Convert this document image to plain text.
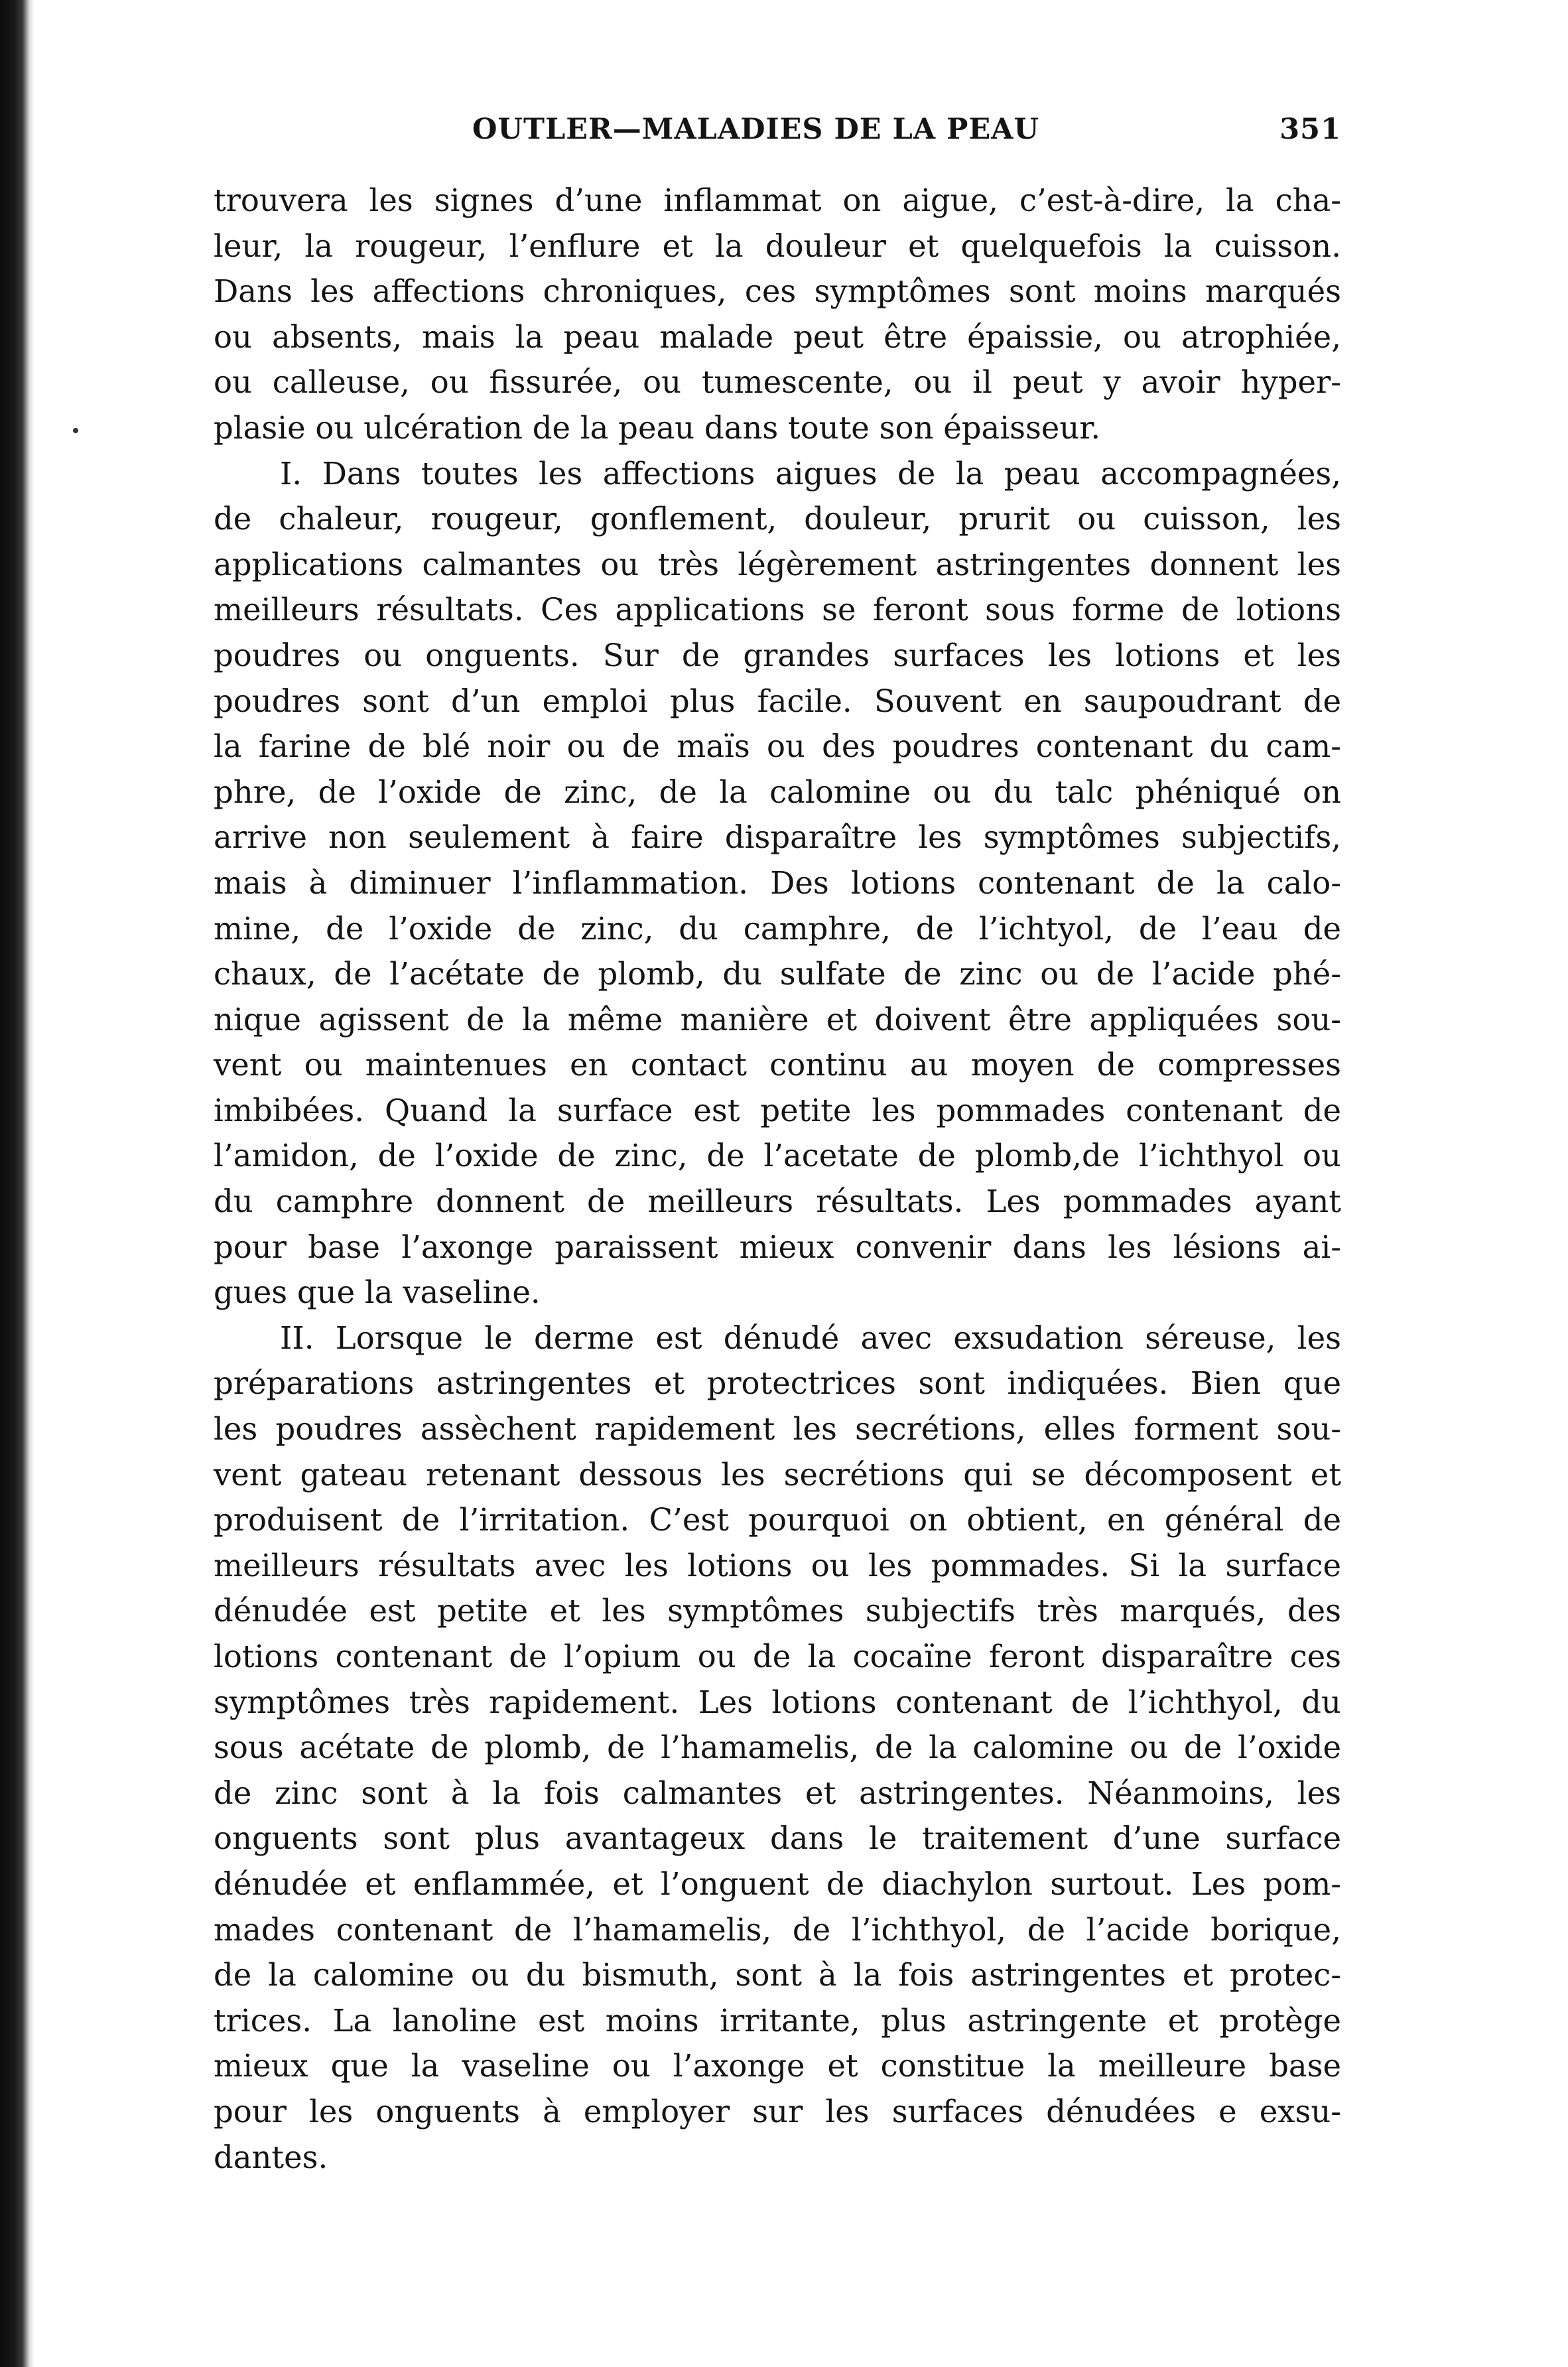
OUTLER—MALADIES DE LA PEAU	351
trouvera les signes d’une inflammat on aigue, c’est-à-dire, la cha-
leur, la rougeur, l’enflure et la douleur et quelquefois la cuisson.
Dans les affections chroniques, ces symptômes sont moins marqués
ou absents, mais la peau malade peut être épaissie, ou atrophiée,
ou calleuse, ou fissurée, ou tumescente, ou il peut y avoir hyper-
plasie ou ulcération de la peau dans toute son épaisseur.
I. Dans toutes les affections aigues de la peau accompagnées,
de chaleur, rougeur, gonflement, douleur, prurit ou cuisson, les
applications calmantes ou très légèrement astringentes donnent les
meilleurs résultats. Ces applications se feront sous forme de lotions
poudres ou onguents. Sur de grandes surfaces les lotions et les
poudres sont d’un emploi plus facile. Souvent en saupoudrant de
la farine de blé noir ou de maïs ou des poudres contenant du cam-
phre, de l’oxide de zinc, de la calomine ou du talc phéniqué on
arrive non seulement à faire disparaître les symptômes subjectifs,
mais à diminuer l’inflammation. Des lotions contenant de la calo-
mine, de l’oxide de zinc, du camphre, de l’ichtyol, de l’eau de
chaux, de l’acétate de plomb, du sulfate de zinc ou de l’acide phé-
nique agissent de la même manière et doivent être appliquées sou-
vent ou maintenues en contact continu au moyen de compresses
imbibées. Quand la surface est petite les pommades contenant de
l’amidon, de l’oxide de zinc, de l’acetate de plomb,de l’ichthyol ou
du camphre donnent de meilleurs résultats. Les pommades ayant
pour base l’axonge paraissent mieux convenir dans les lésions ai-
gues que la vaseline.
II. Lorsque le derme est dénudé avec exsudation séreuse, les
préparations astringentes et protectrices sont indiquées. Bien que
les poudres assèchent rapidement les secrétions, elles forment sou-
vent gateau retenant dessous les secrétions qui se décomposent et
produisent de l’irritation. C’est pourquoi on obtient, en général de
meilleurs résultats avec les lotions ou les pommades. Si la surface
dénudée est petite et les symptômes subjectifs très marqués, des
lotions contenant de l’opium ou de la cocaïne feront disparaître ces
symptômes très rapidement. Les lotions contenant de l’ichthyol, du
sous acétate de plomb, de l’hamamelis, de la calomine ou de l’oxide
de zinc sont à la fois calmantes et astringentes. Néanmoins, les
onguents sont plus avantageux dans le traitement d’une surface
dénudée et enflammée, et l’onguent de diachylon surtout. Les pom-
mades contenant de l’hamamelis, de l’ichthyol, de l’acide borique,
de la calomine ou du bismuth, sont à la fois astringentes et protec-
trices. La lanoline est moins irritante, plus astringente et protège
mieux que la vaseline ou l’axonge et constitue la meilleure base
pour les onguents à employer sur les surfaces dénudées e exsu-
dantes.
